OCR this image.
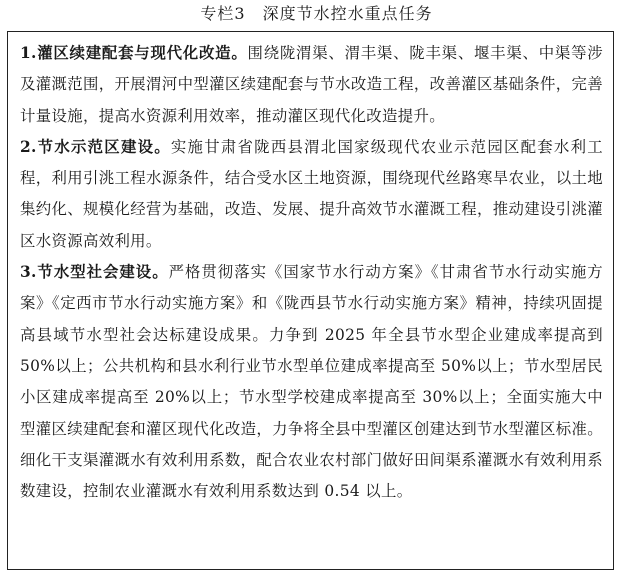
专栏3　深度节水控水重点任务

1.灌区续建配套与现代化改造。围绕陇渭渠、渭丰渠、陇丰渠、堰丰渠、中渠等涉及灌溉范围，开展渭河中型灌区续建配套与节水改造工程，改善灌区基础条件，完善计量设施，提高水资源利用效率，推动灌区现代化改造提升。

2.节水示范区建设。实施甘肃省陇西县渭北国家级现代农业示范园区配套水利工程，利用引洮工程水源条件，结合受水区土地资源，围绕现代丝路寒旱农业，以土地集约化、规模化经营为基础，改造、发展、提升高效节水灌溉工程，推动建设引洮灌区水资源高效利用。

3.节水型社会建设。严格贯彻落实《国家节水行动方案》《甘肃省节水行动实施方案》《定西市节水行动实施方案》和《陇西县节水行动实施方案》精神，持续巩固提高县域节水型社会达标建设成果。力争到 2025 年全县节水型企业建成率提高到 50%以上；公共机构和县水利行业节水型单位建成率提高至 50%以上；节水型居民小区建成率提高至 20%以上；节水型学校建成率提高至 30%以上；全面实施大中型灌区续建配套和灌区现代化改造，力争将全县中型灌区创建达到节水型灌区标准。细化干支渠灌溉水有效利用系数，配合农业农村部门做好田间渠系灌溉水有效利用系数建设，控制农业灌溉水有效利用系数达到 0.54 以上。
